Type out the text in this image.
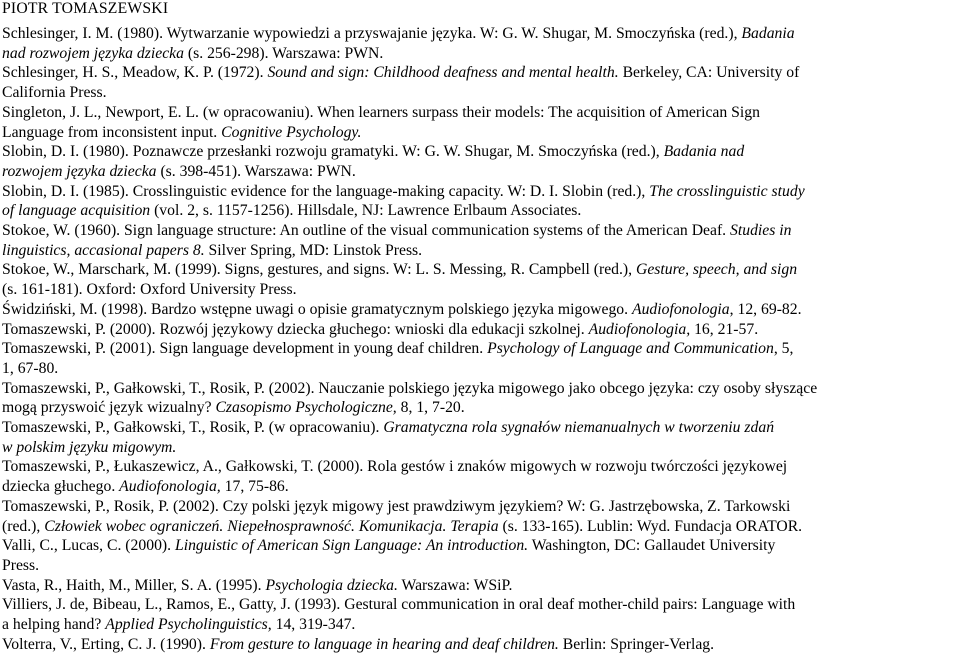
PIOTR TOMASZEWSKI
Schlesinger, I. M. (1980). Wytwarzanie wypowiedzi a przyswajanie języka. W: G. W. Shugar, M. Smoczyńska (red.), Badania
nad rozwojem języka dziecka (s. 256-298). Warszawa: PWN.
Schlesinger, H. S., Meadow, K. P. (1972). Sound and sign: Childhood deafness and mental health. Berkeley, CA: University of
California Press.
Singleton, J. L., Newport, E. L. (w opracowaniu). When learners surpass their models: The acquisition of American Sign
Language from inconsistent input. Cognitive Psychology.
Slobin, D. I. (1980). Poznawcze przesłanki rozwoju gramatyki. W: G. W. Shugar, M. Smoczyńska (red.), Badania nad
rozwojem języka dziecka (s. 398-451). Warszawa: PWN.
Slobin, D. I. (1985). Crosslinguistic evidence for the language-making capacity. W: D. I. Slobin (red.), The crosslinguistic study
of language acquisition (vol. 2, s. 1157-1256). Hillsdale, NJ: Lawrence Erlbaum Associates.
Stokoe, W. (1960). Sign language structure: An outline of the visual communication systems of the American Deaf. Studies in
linguistics, accasional papers 8. Silver Spring, MD: Linstok Press.
Stokoe, W., Marschark, M. (1999). Signs, gestures, and signs. W: L. S. Messing, R. Campbell (red.), Gesture, speech, and sign
(s. 161-181). Oxford: Oxford University Press.
Świdziński, M. (1998). Bardzo wstępne uwagi o opisie gramatycznym polskiego języka migowego. Audiofonologia, 12, 69-82.
Tomaszewski, P. (2000). Rozwój językowy dziecka głuchego: wnioski dla edukacji szkolnej. Audiofonologia, 16, 21-57.
Tomaszewski, P. (2001). Sign language development in young deaf children. Psychology of Language and Communication, 5,
1, 67-80.
Tomaszewski, P., Gałkowski, T., Rosik, P. (2002). Nauczanie polskiego języka migowego jako obcego języka: czy osoby słyszące
mogą przyswoić język wizualny? Czasopismo Psychologiczne, 8, 1, 7-20.
Tomaszewski, P., Gałkowski, T., Rosik, P. (w opracowaniu). Gramatyczna rola sygnałów niemanualnych w tworzeniu zdań
w polskim języku migowym.
Tomaszewski, P., Łukaszewicz, A., Gałkowski, T. (2000). Rola gestów i znaków migowych w rozwoju twórczości językowej
dziecka głuchego. Audiofonologia, 17, 75-86.
Tomaszewski, P., Rosik, P. (2002). Czy polski język migowy jest prawdziwym językiem? W: G. Jastrzębowska, Z. Tarkowski
(red.), Człowiek wobec ograniczeń. Niepełnosprawność. Komunikacja. Terapia (s. 133-165). Lublin: Wyd. Fundacja ORATOR.
Valli, C., Lucas, C. (2000). Linguistic of American Sign Language: An introduction. Washington, DC: Gallaudet University
Press.
Vasta, R., Haith, M., Miller, S. A. (1995). Psychologia dziecka. Warszawa: WSiP.
Villiers, J. de, Bibeau, L., Ramos, E., Gatty, J. (1993). Gestural communication in oral deaf mother-child pairs: Language with
a helping hand? Applied Psycholinguistics, 14, 319-347.
Volterra, V., Erting, C. J. (1990). From gesture to language in hearing and deaf children. Berlin: Springer-Verlag.
